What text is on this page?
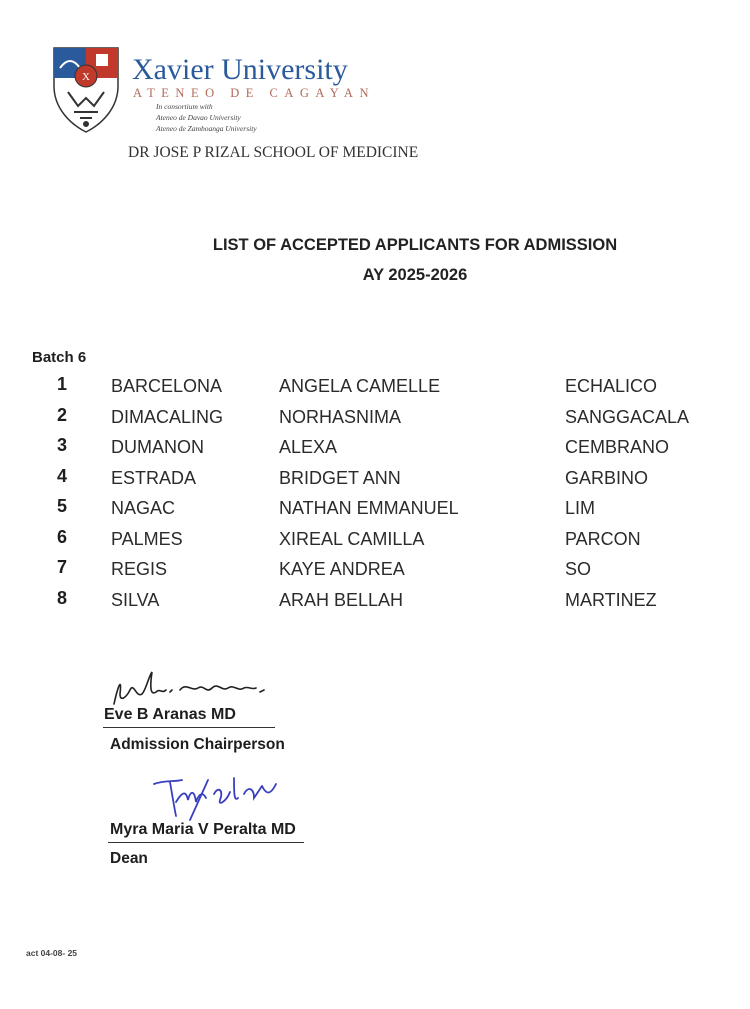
X Xavier University
ATENEO DE CAGAYAN
In consortium with
Ateneo de Davao University
Ateneo de Zamboanga University
DR JOSE P RIZAL SCHOOL OF MEDICINE
LIST OF ACCEPTED APPLICANTS FOR ADMISSION
AY 2025-2026
Batch 6
1 BARCELONA	ANGELA CAMELLE	ECHALICO
2 DIMACALING	NORHASNIMA	SANGGACALA
3 DUMANON	ALEXA	CEMBRANO
4 ESTRADA	BRIDGET ANN	GARBINO
5 NAGAC	NATHAN EMMANUEL	LIM
6 PALMES	XIREAL CAMILLA	PARCON
7 REGIS	KAYE ANDREA	SO
8 SILVA	ARAH BELLAH	MARTINEZ
Eve B Aranas MD
Admission Chairperson
Myra Maria V Peralta MD
Dean
act 04-08- 25
